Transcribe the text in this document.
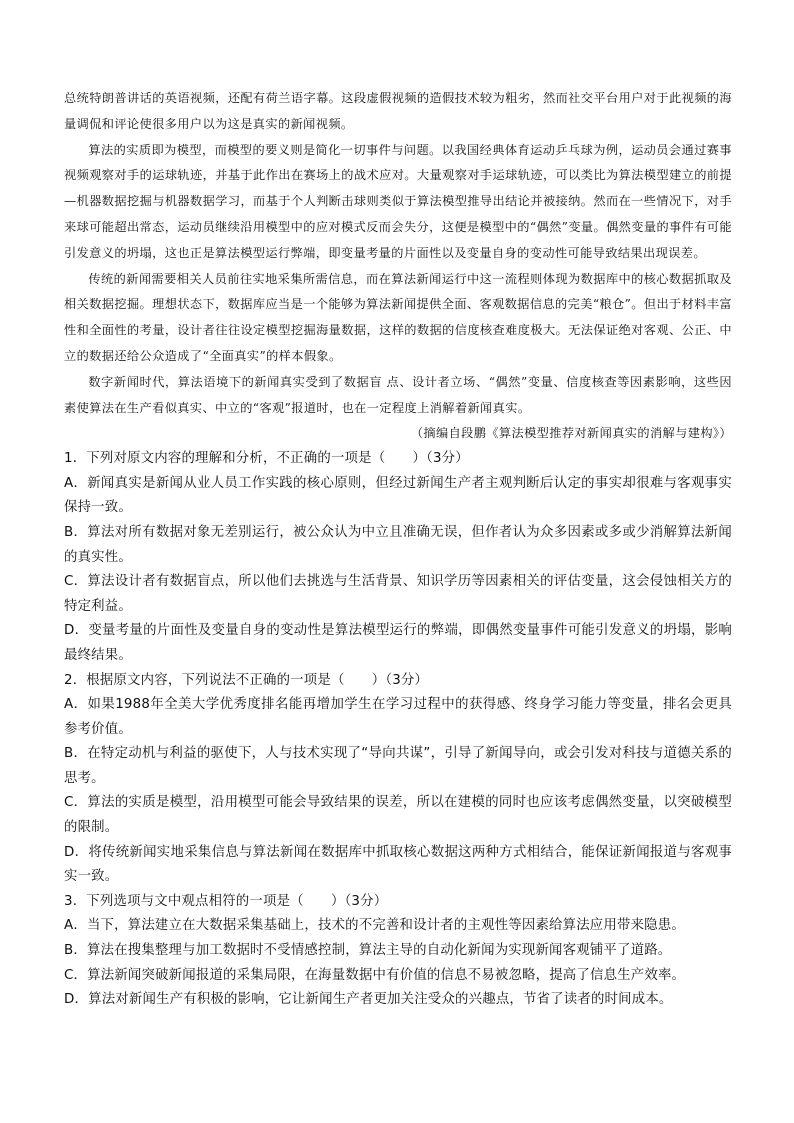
总统特朗普讲话的英语视频，还配有荷兰语字幕。这段虚假视频的造假技术较为粗劣，然而社交平台用户对于此视频的海量调侃和评论使很多用户以为这是真实的新闻视频。

算法的实质即为模型，而模型的要义则是简化一切事件与问题。以我国经典体育运动乒乓球为例，运动员会通过赛事视频观察对手的运球轨迹，并基于此作出在赛场上的战术应对。大量观察对手运球轨迹，可以类比为算法模型建立的前提—机器数据挖掘与机器数据学习，而基于个人判断击球则类似于算法模型推导出结论并被接纳。然而在一些情况下，对手来球可能超出常态，运动员继续沿用模型中的应对模式反而会失分，这便是模型中的“偶然”变量。偶然变量的事件有可能引发意义的坍塌，这也正是算法模型运行弊端，即变量考量的片面性以及变量自身的变动性可能导致结果出现误差。

传统的新闻需要相关人员前往实地采集所需信息，而在算法新闻运行中这一流程则体现为数据库中的核心数据抓取及相关数据挖掘。理想状态下，数据库应当是一个能够为算法新闻提供全面、客观数据信息的完美“粮仓”。但出于材料丰富性和全面性的考量，设计者往往设定模型挖掘海量数据，这样的数据的信度核查难度极大。无法保证绝对客观、公正、中立的数据还给公众造成了“全面真实”的样本假象。

数字新闻时代，算法语境下的新闻真实受到了数据盲 点、设计者立场、“偶然”变量、信度核查等因素影响，这些因素使算法在生产看似真实、中立的“客观”报道时，也在一定程度上消解着新闻真实。

（摘编自段鹏《算法模型推荐对新闻真实的消解与建构》）

1．下列对原文内容的理解和分析，不正确的一项是（　　）（3分）

A．新闻真实是新闻从业人员工作实践的核心原则，但经过新闻生产者主观判断后认定的事实却很难与客观事实保持一致。

B．算法对所有数据对象无差别运行，被公众认为中立且准确无误，但作者认为众多因素或多或少消解算法新闻的真实性。

C．算法设计者有数据盲点，所以他们去挑选与生活背景、知识学历等因素相关的评估变量，这会侵蚀相关方的特定利益。

D．变量考量的片面性及变量自身的变动性是算法模型运行的弊端，即偶然变量事件可能引发意义的坍塌，影响最终结果。

2．根据原文内容，下列说法不正确的一项是（　　）（3分）

A．如果1988年全美大学优秀度排名能再增加学生在学习过程中的获得感、终身学习能力等变量，排名会更具参考价值。

B．在特定动机与利益的驱使下，人与技术实现了“导向共谋”，引导了新闻导向，或会引发对科技与道德关系的思考。

C．算法的实质是模型，沿用模型可能会导致结果的误差，所以在建模的同时也应该考虑偶然变量，以突破模型的限制。

D．将传统新闻实地采集信息与算法新闻在数据库中抓取核心数据这两种方式相结合，能保证新闻报道与客观事实一致。

3．下列选项与文中观点相符的一项是（　　）（3分）

A．当下，算法建立在大数据采集基础上，技术的不完善和设计者的主观性等因素给算法应用带来隐患。

B．算法在搜集整理与加工数据时不受情感控制，算法主导的自动化新闻为实现新闻客观铺平了道路。

C．算法新闻突破新闻报道的采集局限，在海量数据中有价值的信息不易被忽略，提高了信息生产效率。

D．算法对新闻生产有积极的影响，它让新闻生产者更加关注受众的兴趣点，节省了读者的时间成本。
